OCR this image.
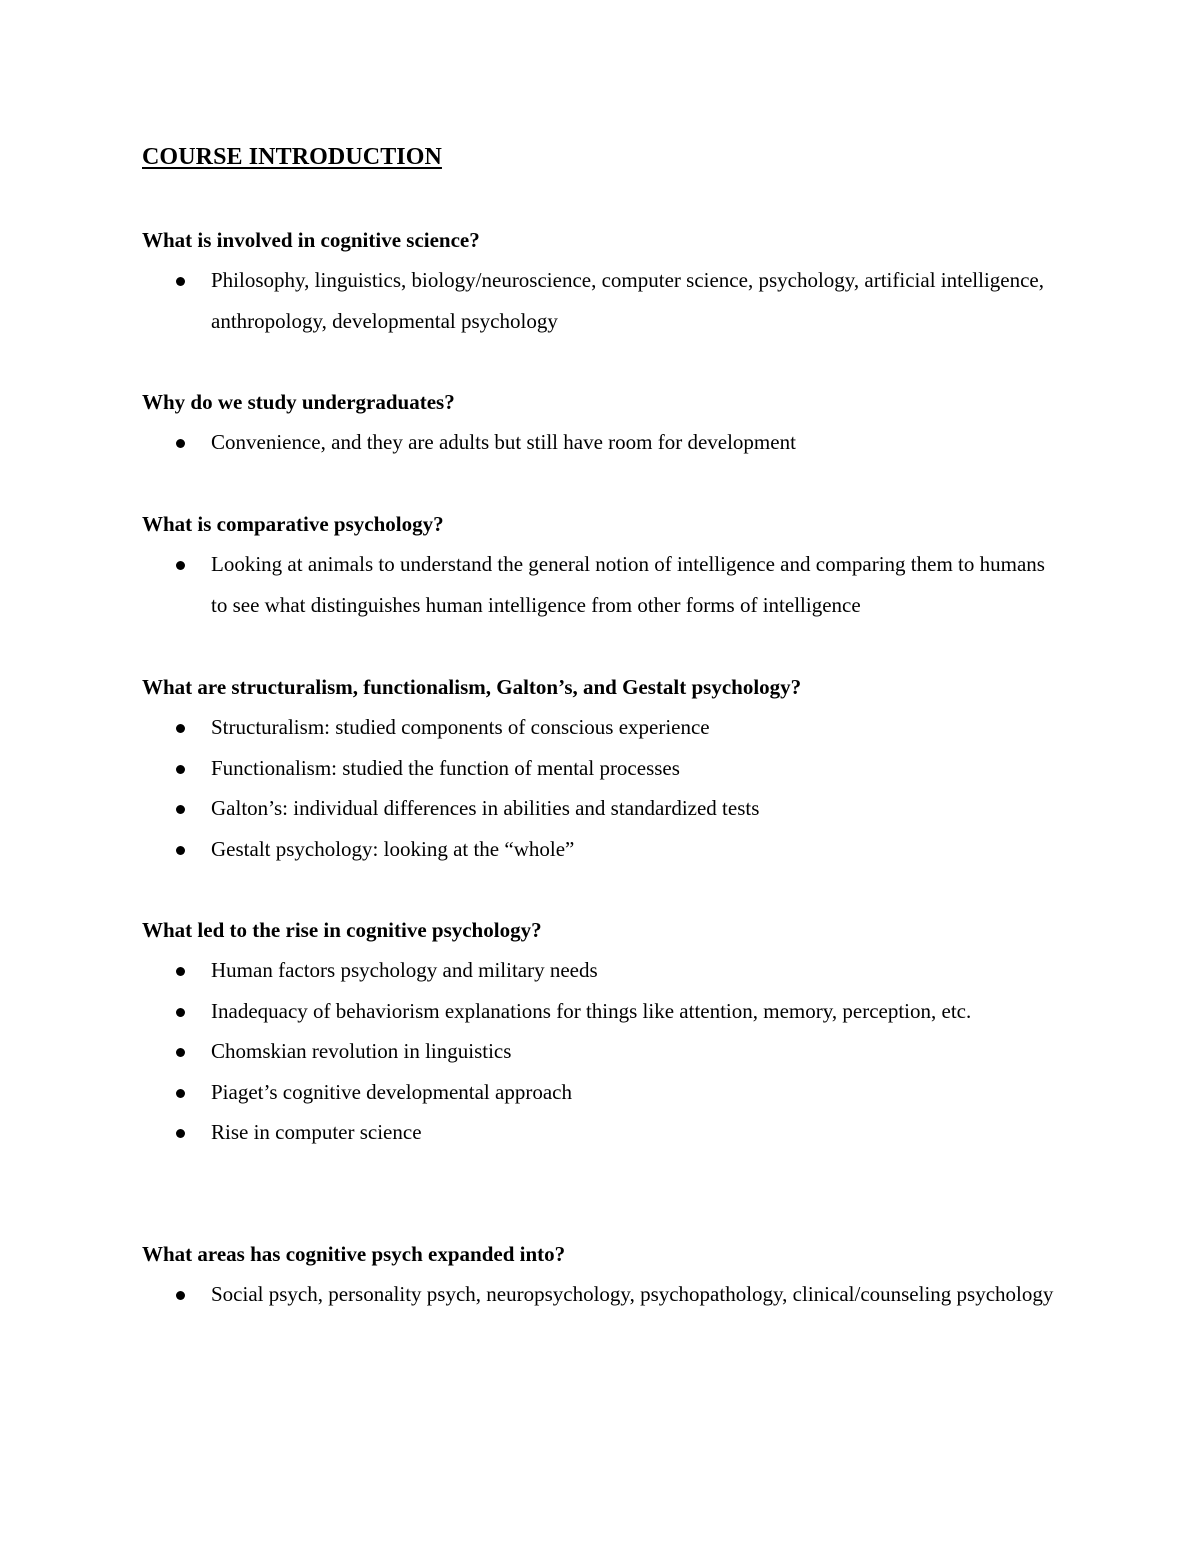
COURSE INTRODUCTION

What is involved in cognitive science?

Philosophy, linguistics, biology/neuroscience, computer science, psychology, artificial intelligence, anthropology, developmental psychology

Why do we study undergraduates?

Convenience, and they are adults but still have room for development

What is comparative psychology?

Looking at animals to understand the general notion of intelligence and comparing them to humans to see what distinguishes human intelligence from other forms of intelligence

What are structuralism, functionalism, Galton’s, and Gestalt psychology?

Structuralism: studied components of conscious experience
Functionalism: studied the function of mental processes
Galton’s: individual differences in abilities and standardized tests
Gestalt psychology: looking at the “whole”

What led to the rise in cognitive psychology?

Human factors psychology and military needs
Inadequacy of behaviorism explanations for things like attention, memory, perception, etc.
Chomskian revolution in linguistics
Piaget’s cognitive developmental approach
Rise in computer science

What areas has cognitive psych expanded into?

Social psych, personality psych, neuropsychology, psychopathology, clinical/counseling psychology
